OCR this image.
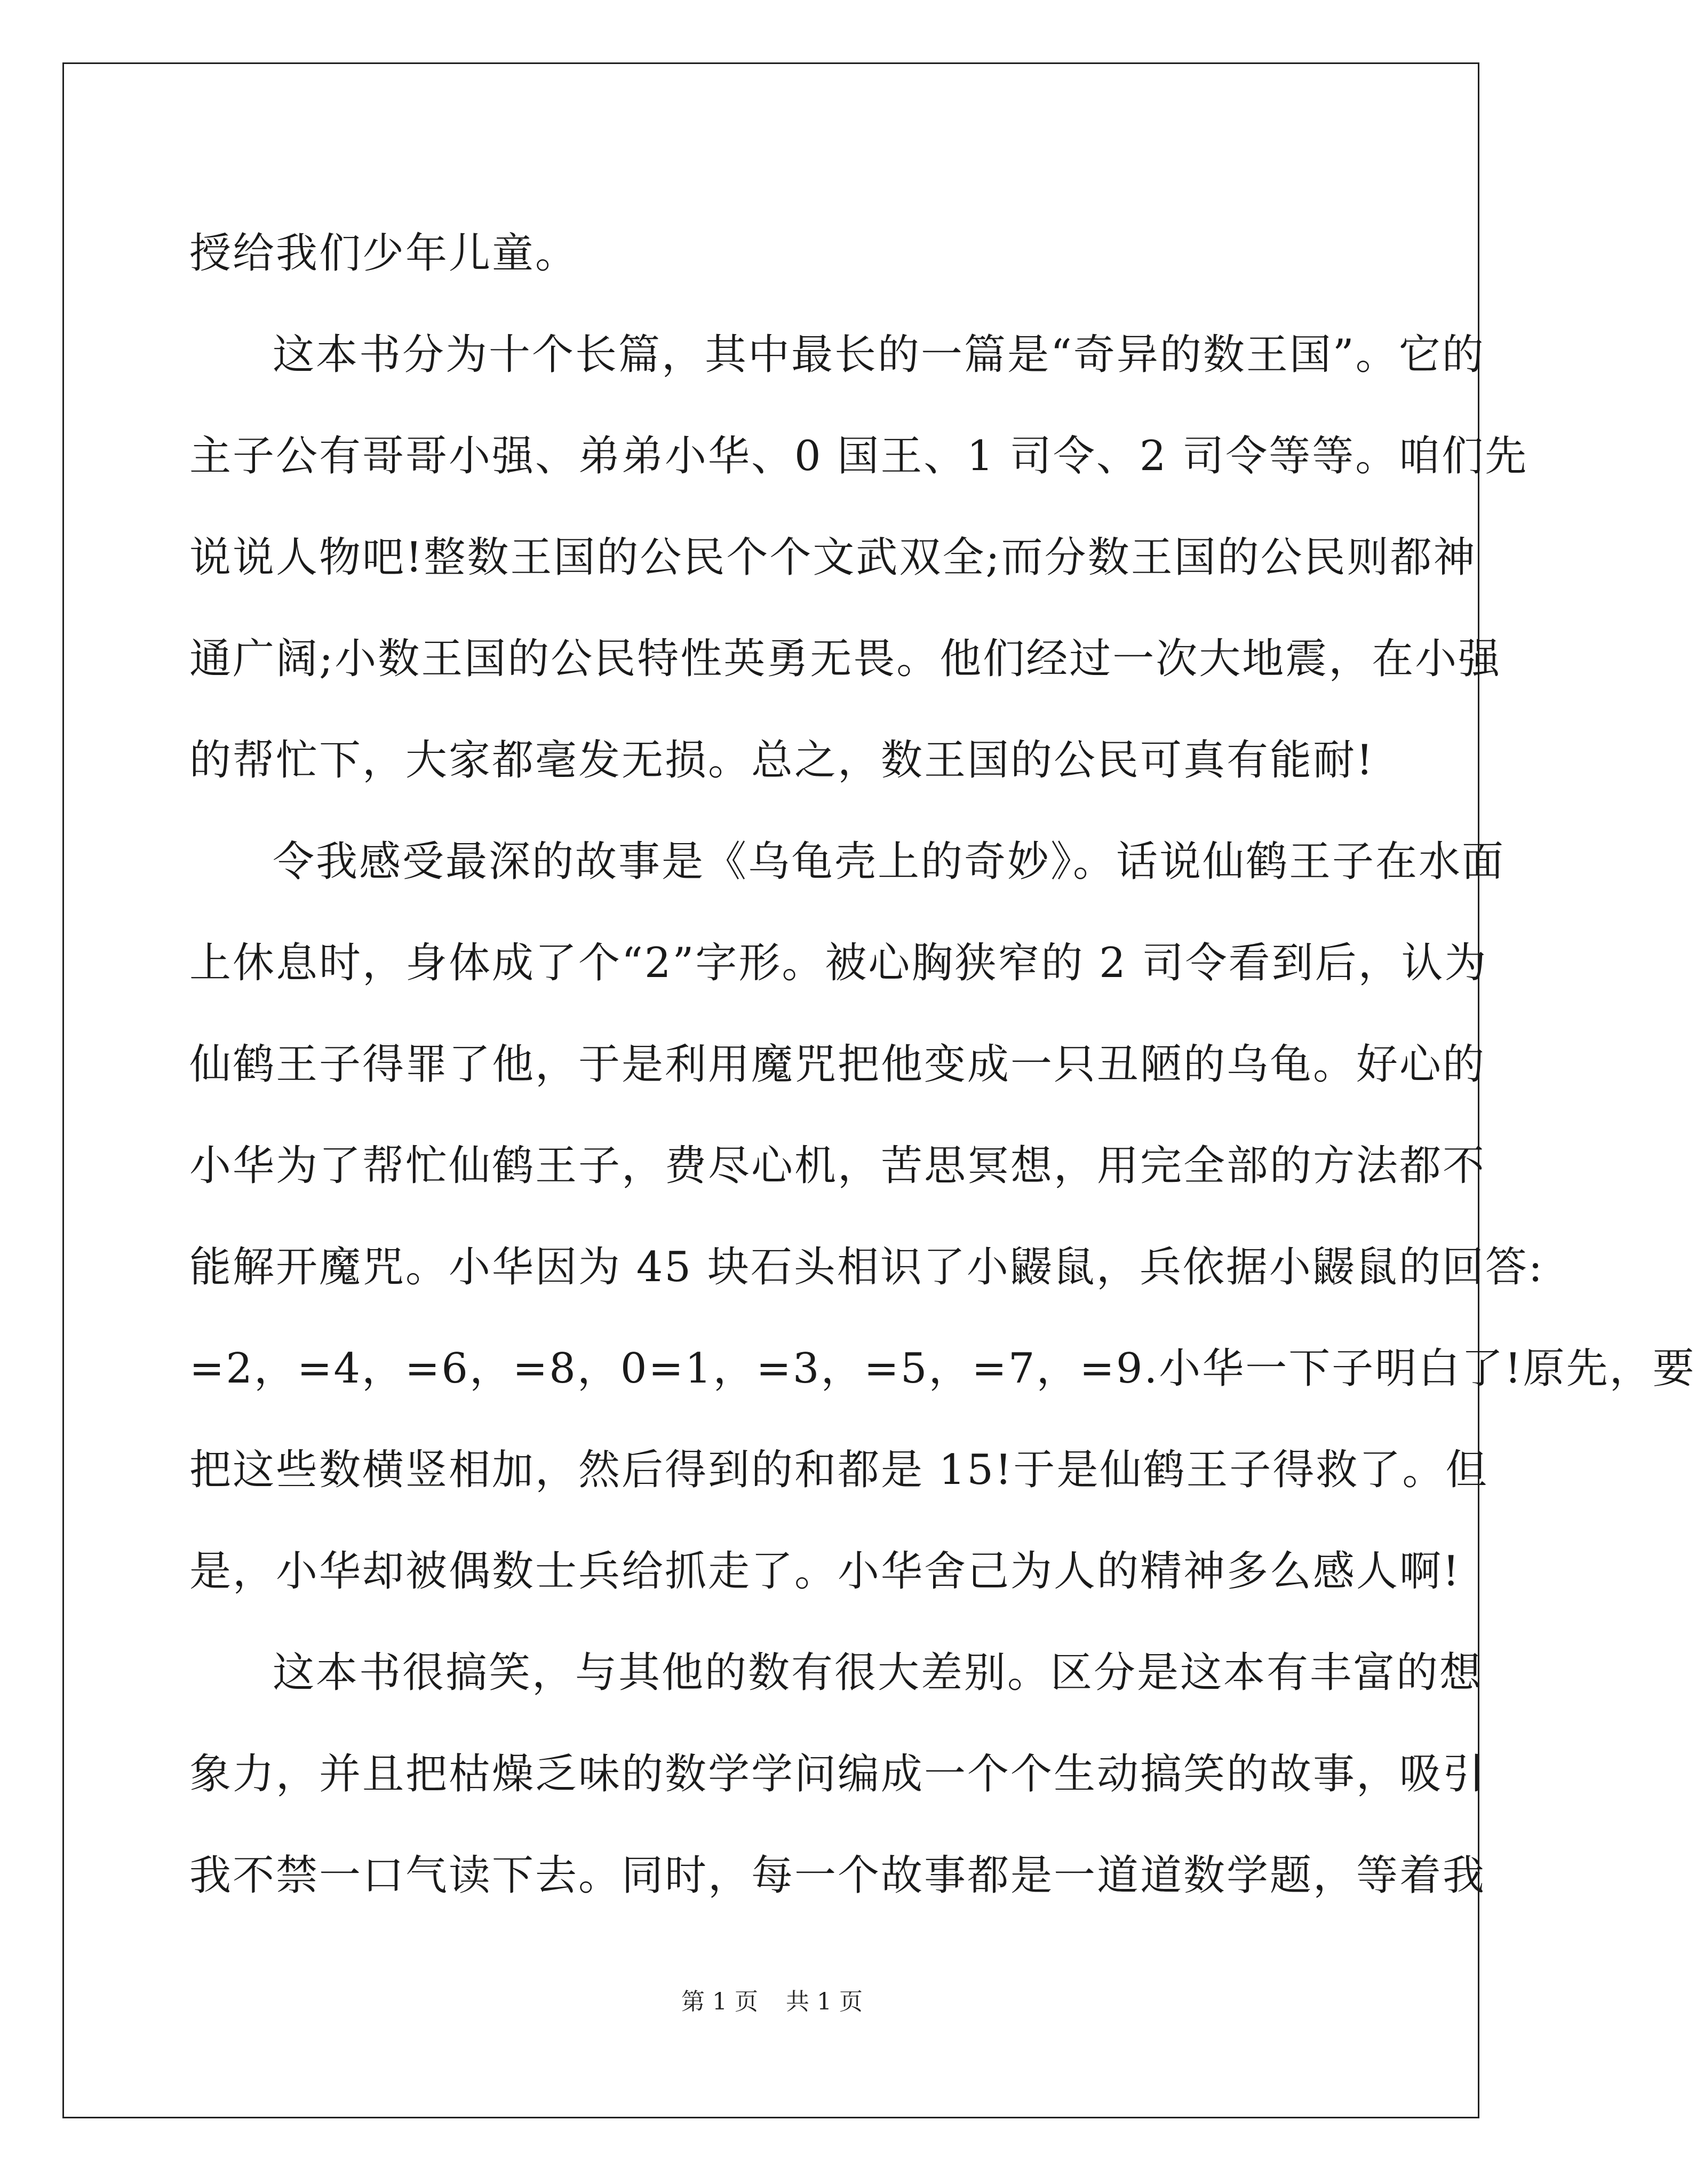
授给我们少年儿童。
这本书分为十个长篇，其中最长的一篇是“奇异的数王国”。它的
主子公有哥哥小强、弟弟小华、0 国王、1 司令、2 司令等等。咱们先
说说人物吧!整数王国的公民个个文武双全;而分数王国的公民则都神
通广阔;小数王国的公民特性英勇无畏。他们经过一次大地震，在小强
的帮忙下，大家都毫发无损。总之，数王国的公民可真有能耐!
令我感受最深的故事是《乌龟壳上的奇妙》。话说仙鹤王子在水面
上休息时，身体成了个“2”字形。被心胸狭窄的 2 司令看到后，认为
仙鹤王子得罪了他，于是利用魔咒把他变成一只丑陋的乌龟。好心的
小华为了帮忙仙鹤王子，费尽心机，苦思冥想，用完全部的方法都不
能解开魔咒。小华因为 45 块石头相识了小鼹鼠，兵依据小鼹鼠的回答:
=2，=4，=6，=8，0=1，=3，=5，=7，=9.小华一下子明白了!原先，要
把这些数横竖相加，然后得到的和都是 15!于是仙鹤王子得救了。但
是，小华却被偶数士兵给抓走了。小华舍己为人的精神多么感人啊!
这本书很搞笑，与其他的数有很大差别。区分是这本有丰富的想
象力，并且把枯燥乏味的数学学问编成一个个生动搞笑的故事，吸引
我不禁一口气读下去。同时，每一个故事都是一道道数学题，等着我
第 1 页 共 1 页
